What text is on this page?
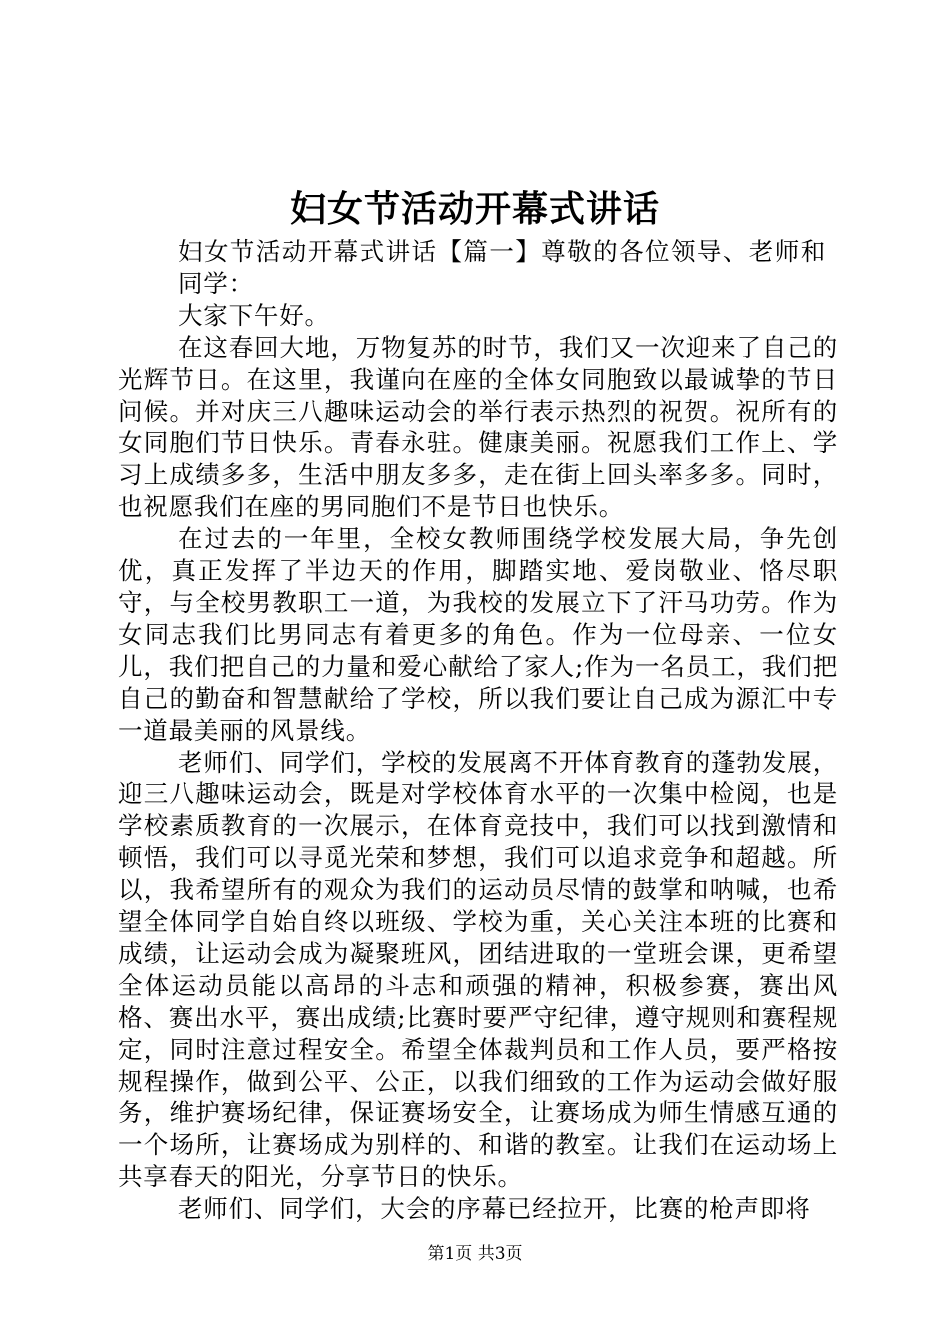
妇女节活动开幕式讲话

妇女节活动开幕式讲话【篇一】尊敬的各位领导、老师和同学：

大家下午好。

在这春回大地，万物复苏的时节，我们又一次迎来了自己的光辉节日。在这里，我谨向在座的全体女同胞致以最诚挚的节日问候。并对庆三八趣味运动会的举行表示热烈的祝贺。祝所有的女同胞们节日快乐。青春永驻。健康美丽。祝愿我们工作上、学习上成绩多多，生活中朋友多多，走在街上回头率多多。同时，也祝愿我们在座的男同胞们不是节日也快乐。

在过去的一年里，全校女教师围绕学校发展大局，争先创优，真正发挥了半边天的作用，脚踏实地、爱岗敬业、恪尽职守，与全校男教职工一道，为我校的发展立下了汗马功劳。作为女同志我们比男同志有着更多的角色。作为一位母亲、一位女儿，我们把自己的力量和爱心献给了家人;作为一名员工，我们把自己的勤奋和智慧献给了学校，所以我们要让自己成为源汇中专一道最美丽的风景线。

老师们、同学们，学校的发展离不开体育教育的蓬勃发展，迎三八趣味运动会，既是对学校体育水平的一次集中检阅，也是学校素质教育的一次展示，在体育竞技中，我们可以找到激情和顿悟，我们可以寻觅光荣和梦想，我们可以追求竞争和超越。所以，我希望所有的观众为我们的运动员尽情的鼓掌和呐喊，也希望全体同学自始自终以班级、学校为重，关心关注本班的比赛和成绩，让运动会成为凝聚班风，团结进取的一堂班会课，更希望全体运动员能以高昂的斗志和顽强的精神，积极参赛，赛出风格、赛出水平，赛出成绩;比赛时要严守纪律，遵守规则和赛程规定，同时注意过程安全。希望全体裁判员和工作人员，要严格按规程操作，做到公平、公正，以我们细致的工作为运动会做好服务，维护赛场纪律，保证赛场安全，让赛场成为师生情感互通的一个场所，让赛场成为别样的、和谐的教室。让我们在运动场上共享春天的阳光，分享节日的快乐。

老师们、同学们，大会的序幕已经拉开，比赛的枪声即将

第1页 共3页
